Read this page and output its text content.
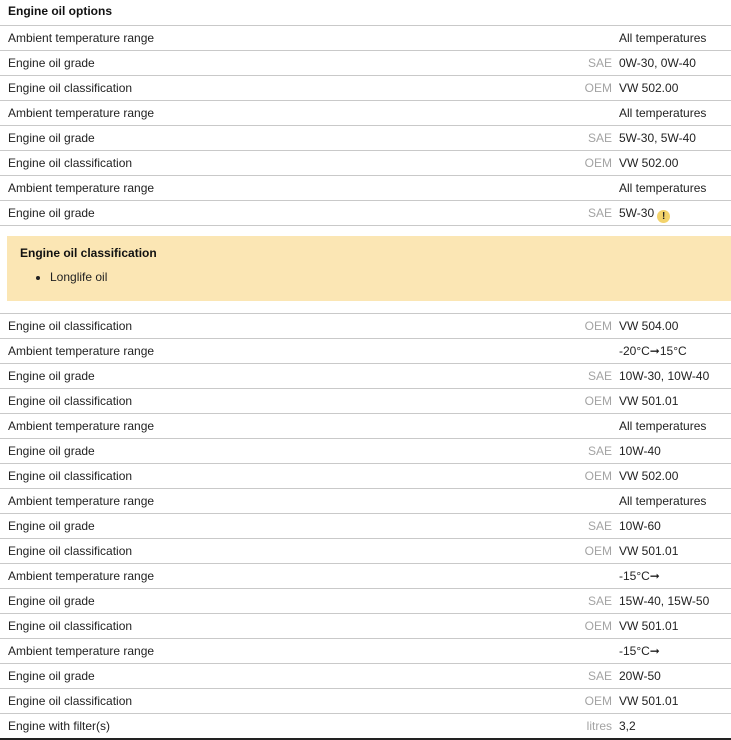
Engine oil options
Ambient temperature range	All temperatures
Engine oil grade	SAE 0W-30, 0W-40
Engine oil classification	OEM VW 502.00
Ambient temperature range	All temperatures
Engine oil grade	SAE 5W-30, 5W-40
Engine oil classification	OEM VW 502.00
Ambient temperature range	All temperatures
Engine oil grade	SAE 5W-30 !
Engine oil classification
• Longlife oil
Engine oil classification	OEM VW 504.00
Ambient temperature range	-20°C➞15°C
Engine oil grade	SAE 10W-30, 10W-40
Engine oil classification	OEM VW 501.01
Ambient temperature range	All temperatures
Engine oil grade	SAE 10W-40
Engine oil classification	OEM VW 502.00
Ambient temperature range	All temperatures
Engine oil grade	SAE 10W-60
Engine oil classification	OEM VW 501.01
Ambient temperature range	-15°C➞
Engine oil grade	SAE 15W-40, 15W-50
Engine oil classification	OEM VW 501.01
Ambient temperature range	-15°C➞
Engine oil grade	SAE 20W-50
Engine oil classification	OEM VW 501.01
Engine with filter(s)	litres 3,2
